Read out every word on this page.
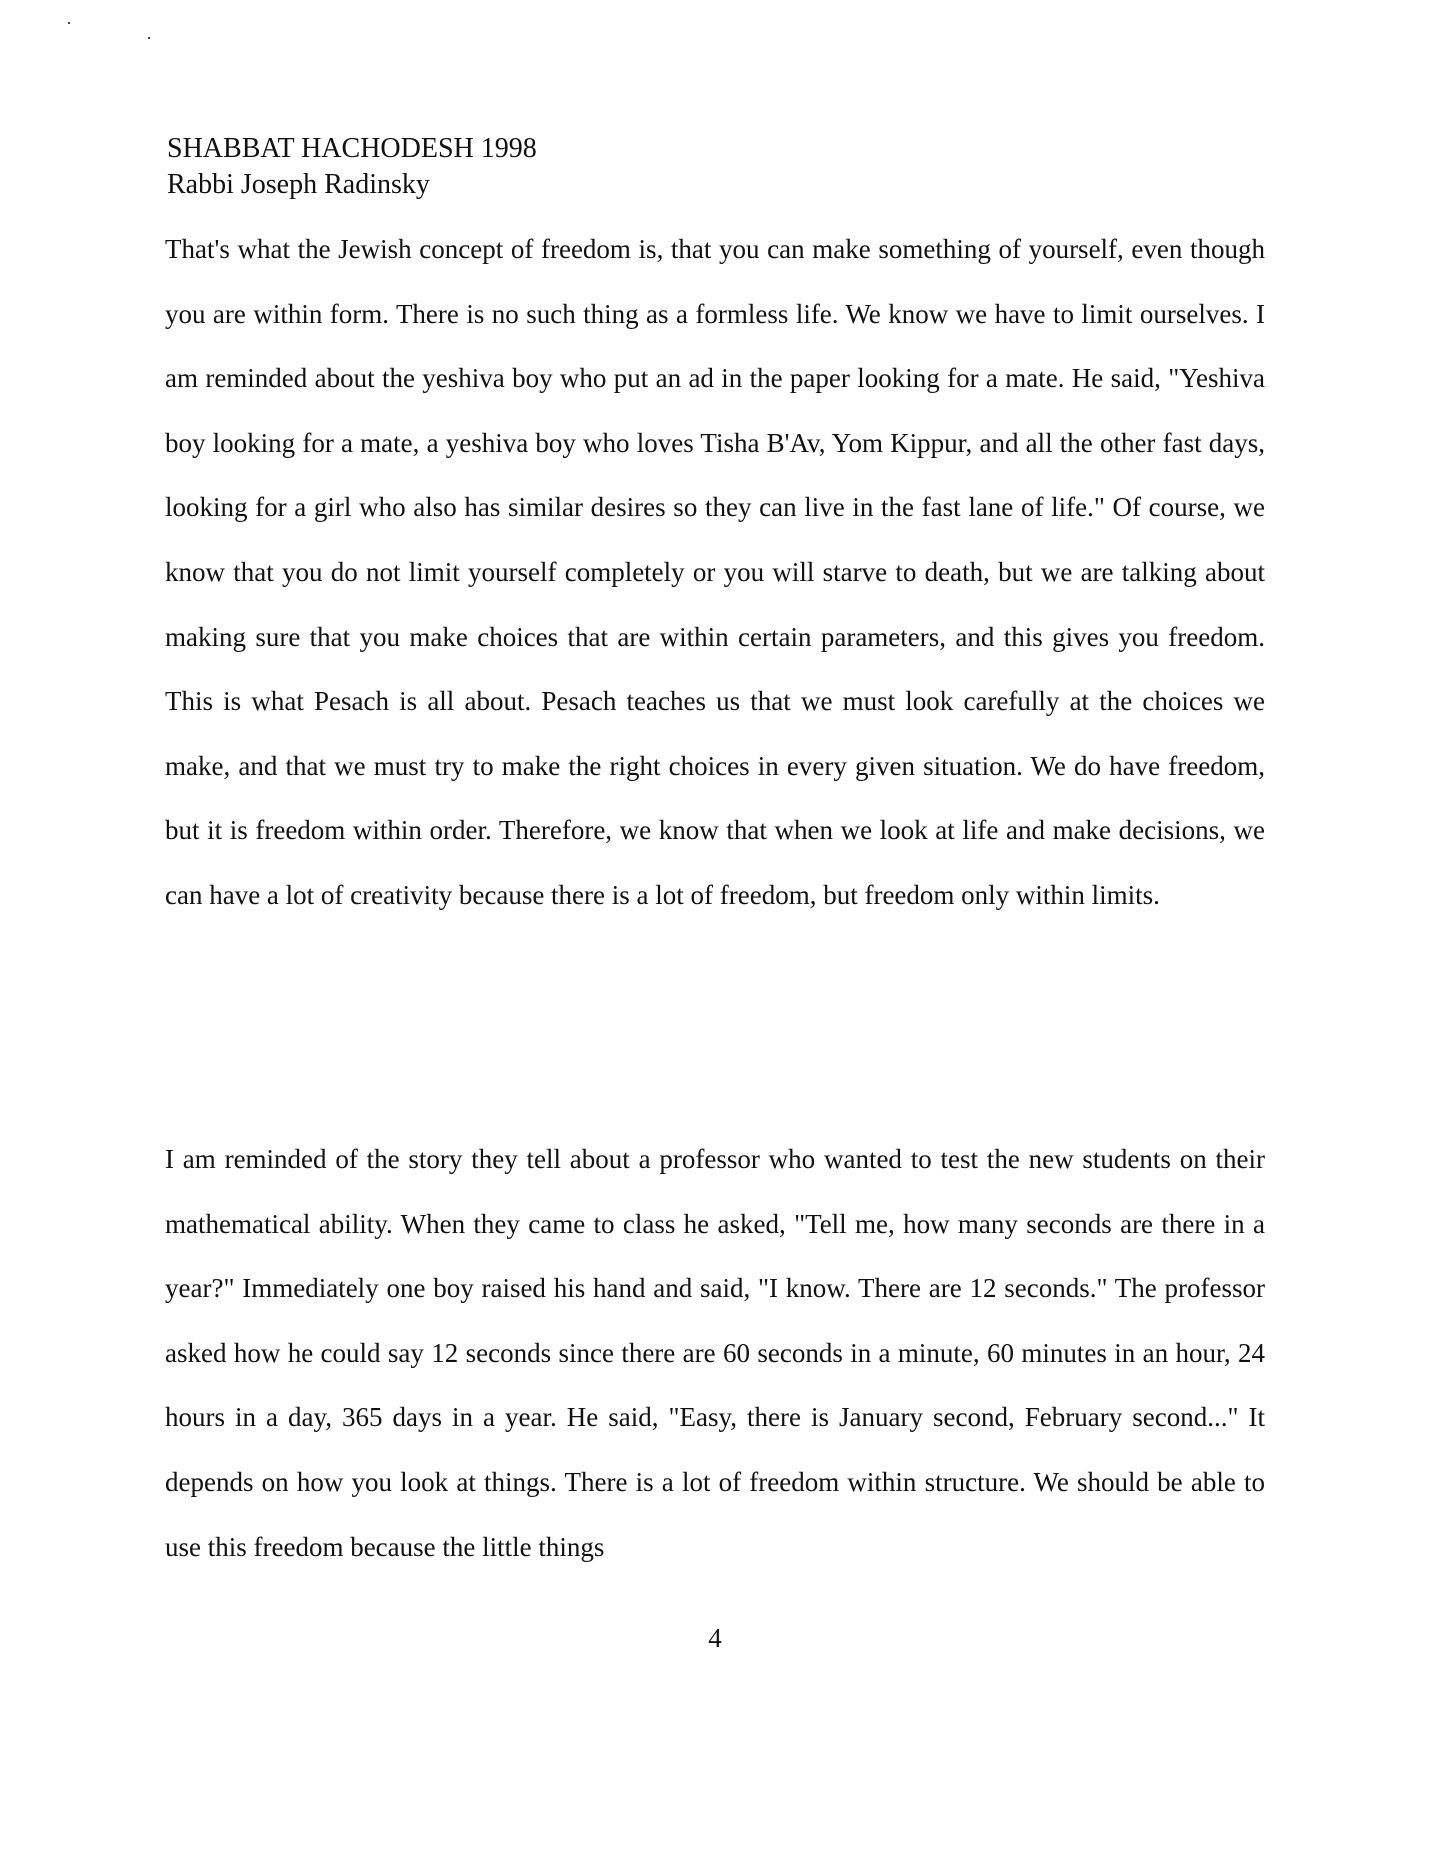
SHABBAT HACHODESH 1998
Rabbi Joseph Radinsky

That's what the Jewish concept of freedom is, that you can make something of yourself, even though you are within form. There is no such thing as a formless life. We know we have to limit ourselves. I am reminded about the yeshiva boy who put an ad in the paper looking for a mate. He said, "Yeshiva boy looking for a mate, a yeshiva boy who loves Tisha B'Av, Yom Kippur, and all the other fast days, looking for a girl who also has similar desires so they can live in the fast lane of life." Of course, we know that you do not limit yourself completely or you will starve to death, but we are talking about making sure that you make choices that are within certain parameters, and this gives you freedom. This is what Pesach is all about. Pesach teaches us that we must look carefully at the choices we make, and that we must try to make the right choices in every given situation. We do have freedom, but it is freedom within order. Therefore, we know that when we look at life and make decisions, we can have a lot of creativity because there is a lot of freedom, but freedom only within limits.

I am reminded of the story they tell about a professor who wanted to test the new students on their mathematical ability. When they came to class he asked, "Tell me, how many seconds are there in a year?" Immediately one boy raised his hand and said, "I know. There are 12 seconds." The professor asked how he could say 12 seconds since there are 60 seconds in a minute, 60 minutes in an hour, 24 hours in a day, 365 days in a year. He said, "Easy, there is January second, February second..." It depends on how you look at things. There is a lot of freedom within structure. We should be able to use this freedom because the little things

4
